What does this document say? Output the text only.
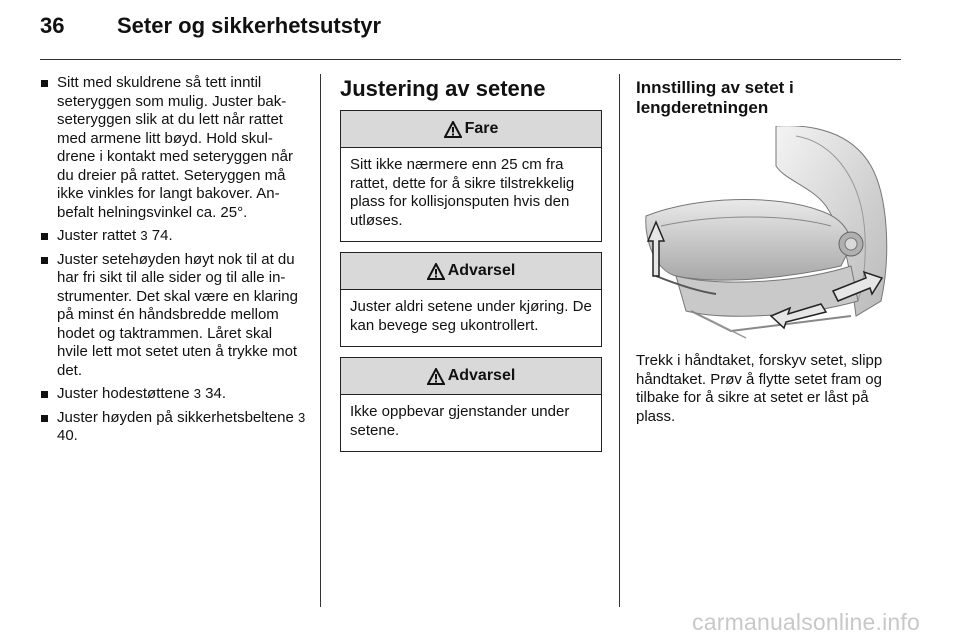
36 Seter og sikkerhetsutstyr
Sitt med skuldrene så tett inntil seteryggen som mulig. Juster bakseteryggen slik at du lett når rattet med armene litt bøyd. Hold skuldrene i kontakt med seteryggen når du dreier på rattet. Seteryggen må ikke vinkles for langt bakover. Anbefalt helningsvinkel ca. 25°.
Juster rattet 3 74.
Juster setehøyden høyt nok til at du har fri sikt til alle sider og til alle instrumenter. Det skal være en klaring på minst én håndsbredde mellom hodet og taktrammen. Låret skal hvile lett mot setet uten å trykke mot det.
Juster hodestøttene 3 34.
Juster høyden på sikkerhetsbeltene 3 40.
Justering av setene
Fare
Sitt ikke nærmere enn 25 cm fra rattet, dette for å sikre tilstrekkelig plass for kollisjonsputen hvis den utløses.
Advarsel
Juster aldri setene under kjøring. De kan bevege seg ukontrollert.
Advarsel
Ikke oppbevar gjenstander under setene.
Innstilling av setet i lengderetningen
Trekk i håndtaket, forskyv setet, slipp håndtaket. Prøv å flytte setet fram og tilbake for å sikre at setet er låst på plass.
carmanualsonline.info
